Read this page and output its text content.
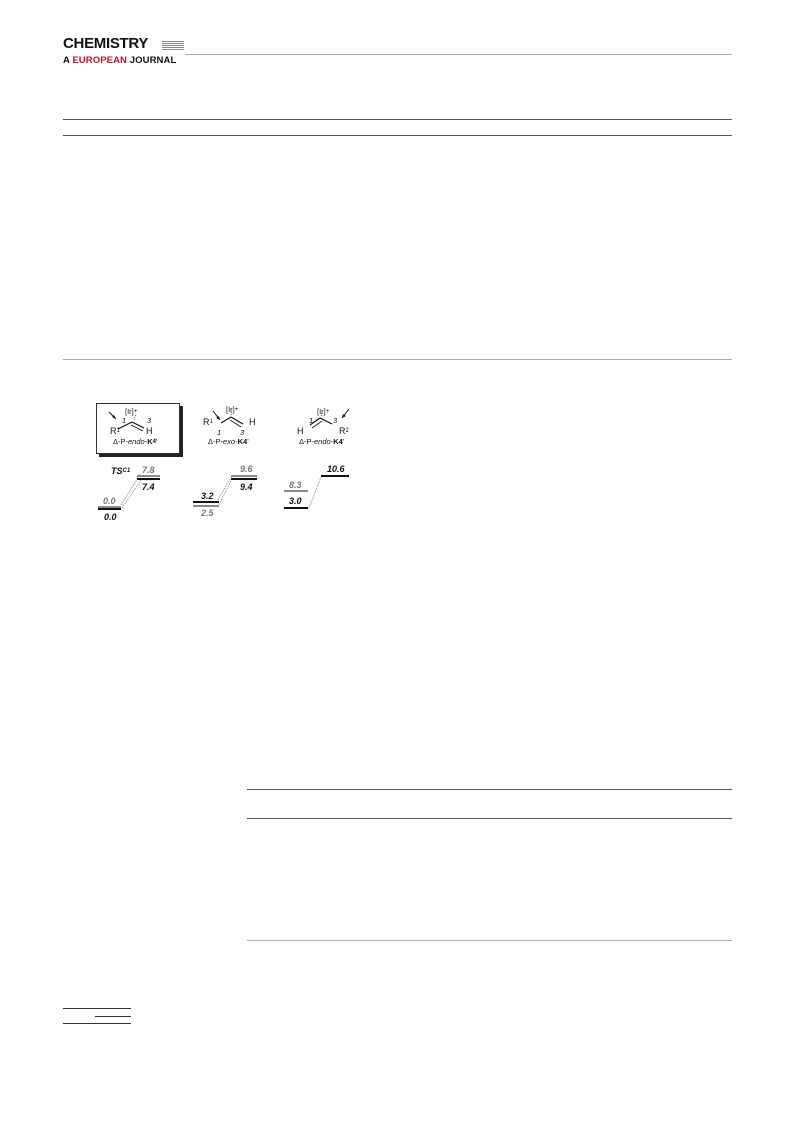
CHEMISTRY
A EUROPEAN JOURNAL
[Ir]+
1	3
$R^1$	H
$\Delta-P-endo-K^4'$
[Ir]+
$R^1$	H
1	3
Δ-P-exo-K4'
[Ir]+
1	3
H	$R^2$
Δ-P-endo-K4'
$TS^{C1}$ 7.8
7.4
0.0
0.0
9.6
9.4
3.2
2.5
10.6
8.3
3.0
